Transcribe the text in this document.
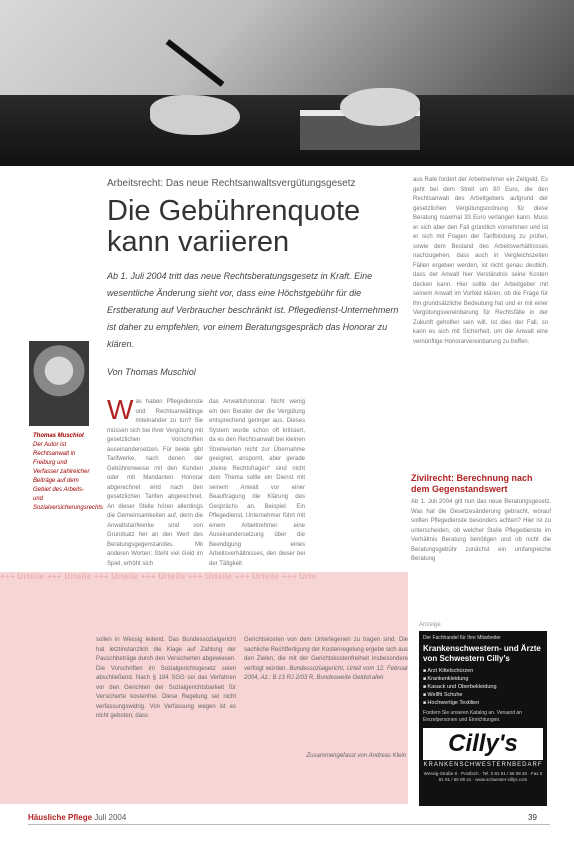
Arbeitsrecht: Das neue Rechtsanwaltsvergütungsgesetz
Die Gebührenquote kann variieren

Ab 1. Juli 2004 tritt das neue Rechtsberatungsgesetz in Kraft. Eine wesentliche Änderung sieht vor, dass eine Höchstgebühr für die Erstberatung auf Verbraucher beschränkt ist. Pflegedienst-Unternehmern ist daher zu empfehlen, vor einem Beratungsgespräch das Honorar zu klären.

Von Thomas Muschiol
Thomas Muschiol
Der Autor ist Rechtsanwalt in Freiburg und Verfasser zahlreicher Beiträge auf dem Gebiet des Arbeits- und Sozialversicherungsrechts
W as haben Pflegedienste und Rechtsanwältinge miteinander zu tun? Sie müssen sich bei ihrer Vergütung mit gesetzlichen Vorschriften auseinandersetzen. Für beide gibt Tarifwerke, nach denen der Gebührenweise mit den Kunden oder mit Mandanten Honorar abgerechnet wird nach den gesetzlichen Tarifen abgerechnet. An dieser Stelle hören allerdings die Gemeinsamkeiten auf, denn die Anwaltstarifwerke sind von Grundsatz her an den Wert des Beratungsgegenstandes. Mit anderen Worten: Steht viel Geld im Spiel, erhöht sich
das Anwaltshonorar. Nicht wenig ein den Berater der die Vergütung entsprechend geringer aus. Dieses System wurde schon oft kritisiert, da es den Rechtsanwalt bei kleinen Streitwerten nicht zur Übernahme geeignet, anspornt, aber gerade „kleine Rechtsfragen“ sind nicht dem Thema sollte ein Dienst mit seinem Anwalt vor einer Beauftragung die Klärung des Gesprächs an. Beispiel: Ein Pflegedienst, Unternehmer führt mit einem Arbeitnehmer eine Auseinandersetzung über die Beendigung eines Arbeitsverhältnisses, den dieser bei der Tätigkeit
aus Rate fordert der Arbeitnehmer ein Zeitgeld. Es geht bei dem Streit um 80 Euro, die den Rechtsanwalt des Arbeitgebers aufgrund der gesetzlichen Vergütungsordnung für diese Beratung maximal 33 Euro verlangen kann. Muss er sich aber den Fall gründlich vornehmen und ist er sich mit Fragen der Tarifbindung zu prüfen, sowie dem Bestand des Arbeitsverhältnisses nachzugehen, dass auch in Vergleichszeiten Fällen ergeben werden, ist nicht genau deutlich, dass der Anwalt hier Verständnis seine Kosten decken kann. Hier sollte der Arbeitgeber mit seinem Anwalt im Vorfeld klären, ob die Frage für ihn grundsätzliche Bedeutung hat und er mit einer Vergütungsvereinbarung für Rechtsfälle in der Zukunft geholfen sein will. Ist dies der Fall, so kann es sich mit Sicherheit, um die Anwalt eine vernünftige Honorarvereinbarung zu treffen.
Zivilrecht: Berechnung nach dem Gegenstandswert
Ab 1. Juli 2004 gilt nun das neue Beratungsgesetz. Was hat die Gesetzesänderung gebracht, worauf sollten Pflegedienste besonders achten? Hier ist zu unterscheiden, ob welcher Stelle Pflegedienste im Verhältnis Beratung benötigen und ob nicht die Beratungsgebühr zunächst ein umfangreiche Beratung
+++ Urteile +++ Urteile +++ Urteile +++ Urteile +++ Urteile +++ Urteile +++ Urte
sollen in Wessig leitend. Das Bundessozialgericht hat letztinstanzlich die Klage auf Zahlung der Pauschbeträge durch den Versicherten abgewiesen. Die Vorschriften im Sozialgerichtsgesetz seien abschließend. Nach § 184 SGG sei das Verfahren vor den Gerichten der Sozialgerichtsbarkeit für Versicherte kostenfrei. Diese Regelung sei nicht verfassungswidrig. Von Verfassung wegen ist es nicht geboten, dass
Gerichtskosten von dem Unterlegenen zu tragen sind. Die sachliche Rechtfertigung der Kostenregelung ergebe sich aus den Zielen, die mit der Gerichtskostenfreiheit insbesondere verfolgt würden. Bundessozialgericht, Urteil vom 12. Februar 2004, Az.: B 13 RJ 2/03 R, Bundesweite Geldstrafen
Zusammengefasst von Andreas Klein
Anzeige
Der Fachhandel für Ihre Mitarbeiter
Krankenschwestern- und Ärzte von Schwestern Cilly's
■ Arzt Kittelschürzen
■ Krankenkleidung
■ Kasack und Oberbekleidung
■ Wellfit Schuhe
■ Hochwertige Textilien
Fordern Sie unseren Katalog an. Versand an Einzelpersonen und Einrichtungen.
Cilly's
KRANKENSCHWESTERNBEDARF
Wessig-Straße 8 · Postfach · Tel. 0 81 91 / 66 08 40 · Fax 0 81 91 / 66 08 41 · www.schwester-cillys.com
Häusliche Pflege Juli 2004	39
